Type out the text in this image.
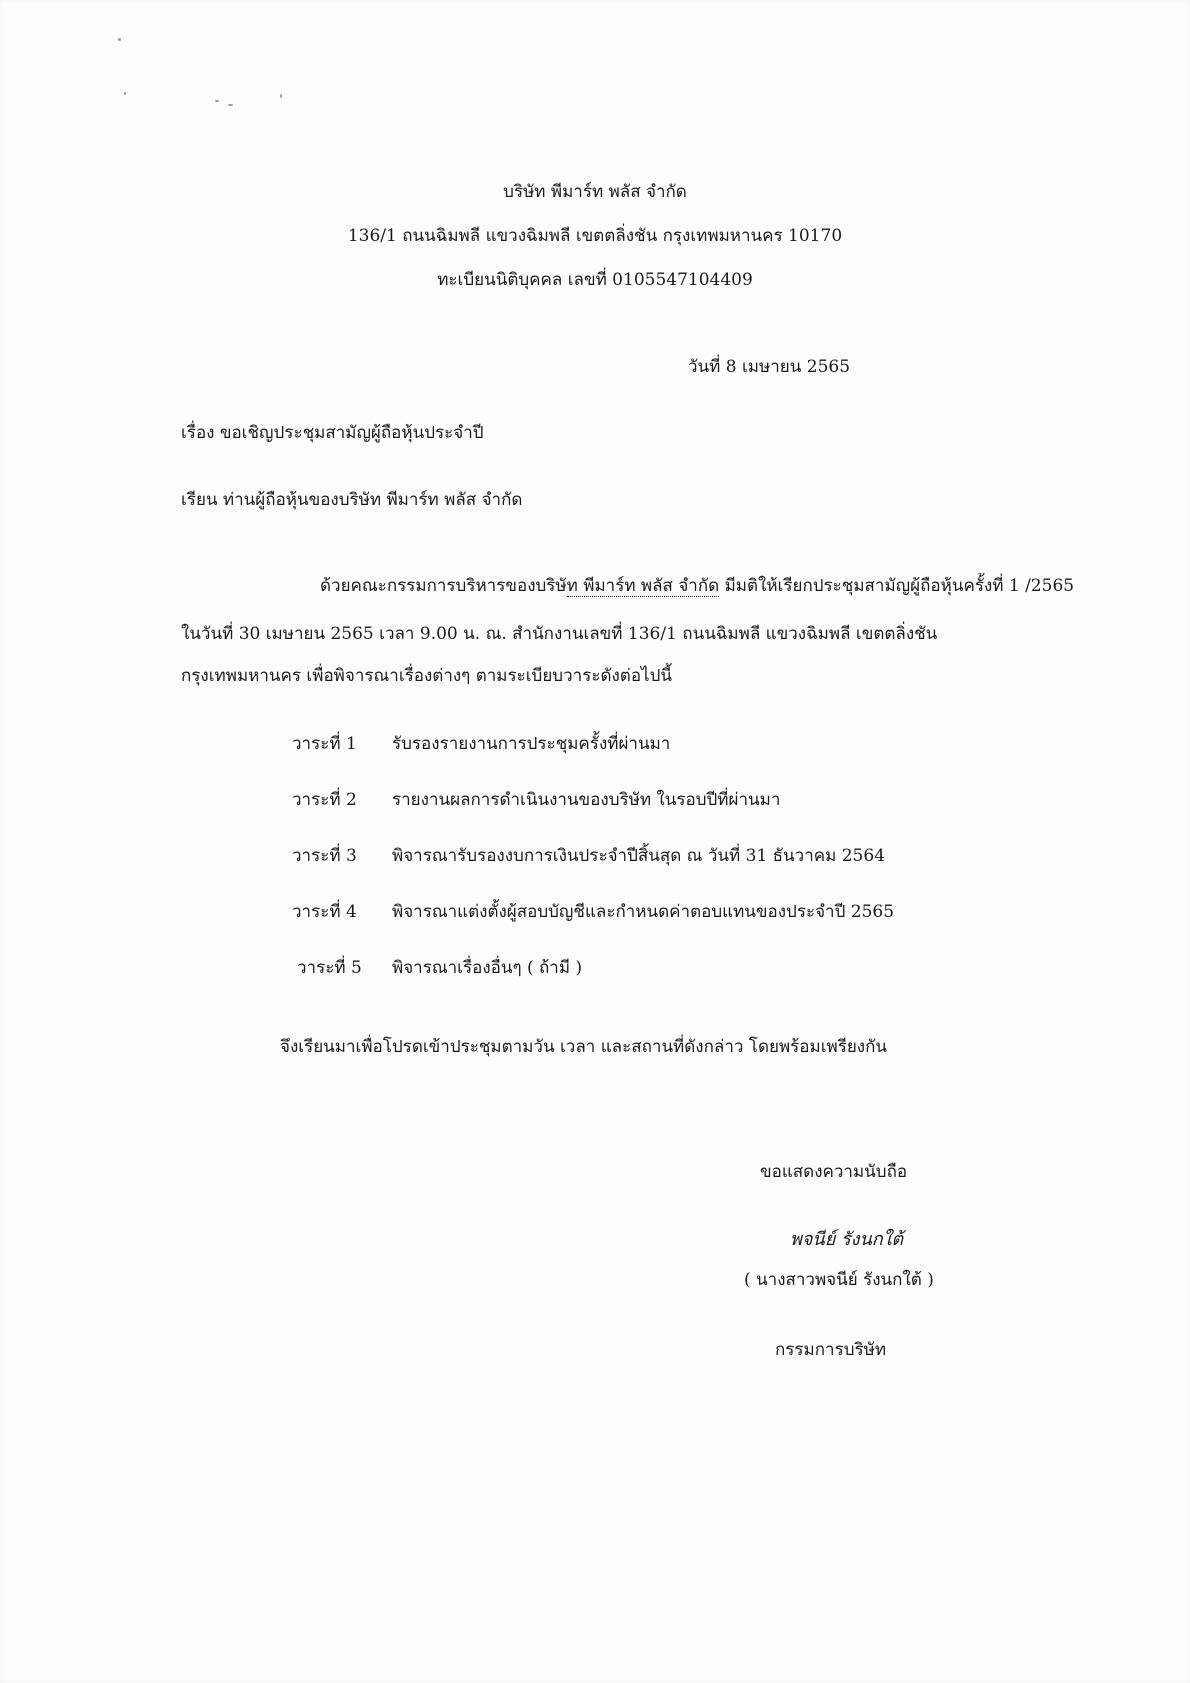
บริษัท พีมาร์ท พลัส จำกัด
136/1 ถนนฉิมพลี แขวงฉิมพลี เขตตลิ่งชัน กรุงเทพมหานคร 10170
ทะเบียนนิติบุคคล เลขที่ 0105547104409
วันที่ 8 เมษายน 2565
เรื่อง ขอเชิญประชุมสามัญผู้ถือหุ้นประจำปี
เรียน ท่านผู้ถือหุ้นของบริษัท พีมาร์ท พลัส จำกัด
ด้วยคณะกรรมการบริหารของบริษัท พีมาร์ท พลัส จำกัด มีมติให้เรียกประชุมสามัญผู้ถือหุ้นครั้งที่ 1 /2565
ในวันที่ 30 เมษายน 2565 เวลา 9.00 น. ณ. สำนักงานเลขที่ 136/1 ถนนฉิมพลี แขวงฉิมพลี เขตตลิ่งชัน
กรุงเทพมหานคร เพื่อพิจารณาเรื่องต่างๆ ตามระเบียบวาระดังต่อไปนี้
วาระที่ 1 รับรองรายงานการประชุมครั้งที่ผ่านมา
วาระที่ 2 รายงานผลการดำเนินงานของบริษัท ในรอบปีที่ผ่านมา
วาระที่ 3 พิจารณารับรองงบการเงินประจำปีสิ้นสุด ณ วันที่ 31 ธันวาคม 2564
วาระที่ 4 พิจารณาแต่งตั้งผู้สอบบัญชีและกำหนดค่าตอบแทนของประจำปี 2565
วาระที่ 5 พิจารณาเรื่องอื่นๆ ( ถ้ามี )
จึงเรียนมาเพื่อโปรดเข้าประชุมตามวัน เวลา และสถานที่ดังกล่าว โดยพร้อมเพรียงกัน
ขอแสดงความนับถือ
พจนีย์ รังนกใต้
( นางสาวพจนีย์ รังนกใต้ )
กรรมการบริษัท
